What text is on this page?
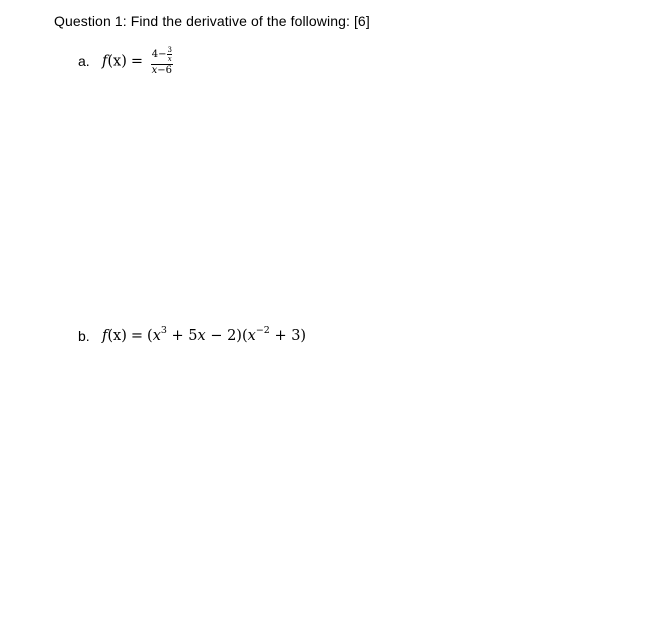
Question 1: Find the derivative of the following: [6]
a. f(x) = 4− 3
x
x −6
b. $f(x) = (x^3 + 5x - 2)(x^{-2} + 3)$
